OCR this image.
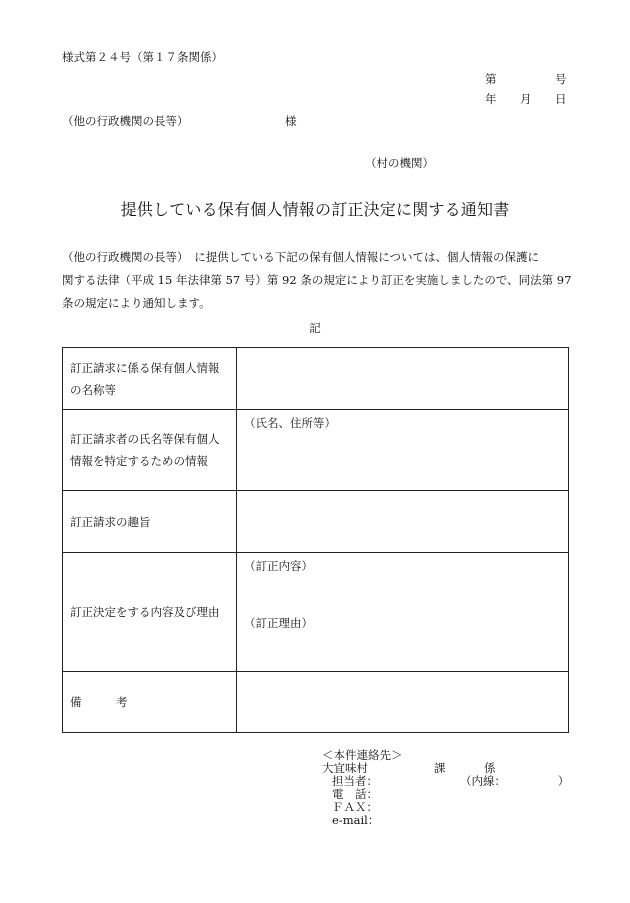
様式第２４号（第１７条関係）
第	号
年 月 日
（他の行政機関の長等）	様
（村の機関）
提供している保有個人情報の訂正決定に関する通知書
（他の行政機関の長等）　に提供している下記の保有個人情報については、個人情報の保護に
関する法律（平成 15 年法律第 57 号）第 92 条の規定により訂正を実施しましたので、同法第 97
条の規定により通知します。
記
訂正請求に係る保有個人情報の名称等	
訂正請求者の氏名等保有個人情報を特定するための情報	（氏名、住所等）
訂正請求の趣旨	
訂正決定をする内容及び理由	（訂正内容）
（訂正理由）

備　　　考	
＜本件連絡先＞
大宜味村	課	係
担当者：	（内線：　　　　　）
電　話：
ＦＡＸ：
e-mail：
